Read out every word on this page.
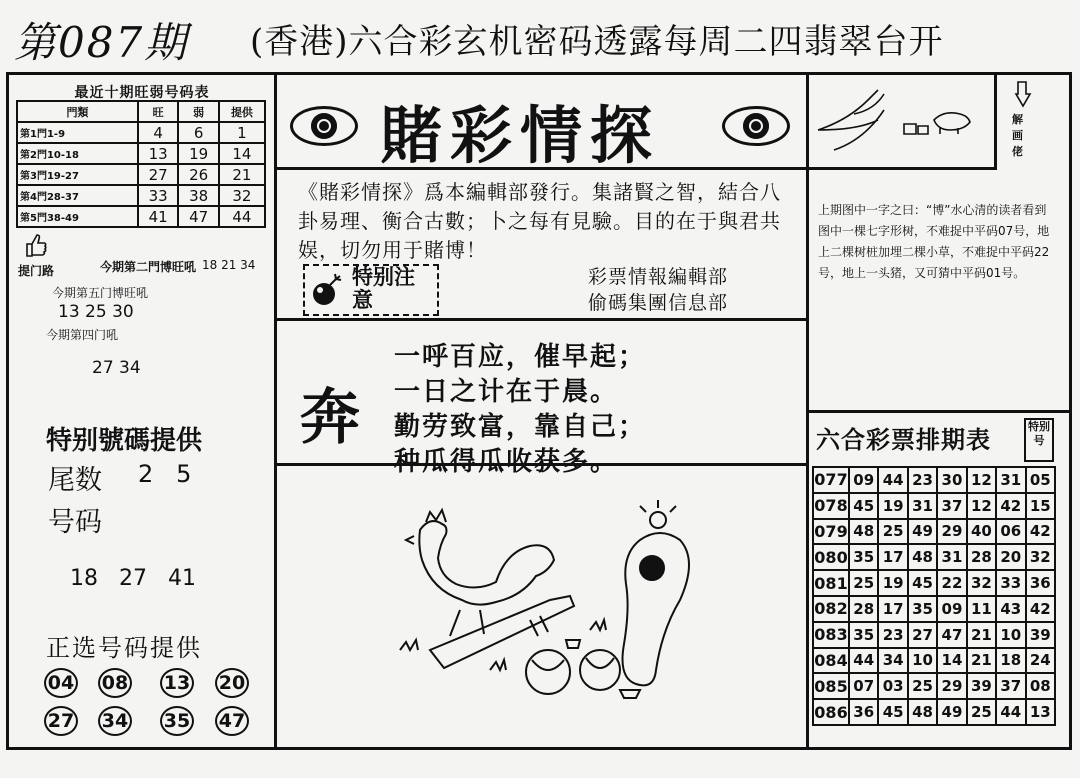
第087期 (香港)六合彩玄机密码透露每周二四翡翠台开
最近十期旺弱号码表
門類	旺	弱	提供
第1門1-9	4	6	1
第2門10-18	13	19	14
第3門19-27	27	26	21
第4門28-37	33	38	32
第5門38-49	41	47	44
提门路	今期第二門博旺吼 18 21 34
今期第五门博旺吼
13 25 30
今期第四门吼
27 34
特别號碼提供
尾数 2   5
号码
18   27   41
正选号码提供
04 08 13 20
27 34 35 47
賭彩情探
《賭彩情探》爲本編輯部發行。集諸賢之智，結合八卦易理、衡合古數；卜之每有見驗。目的在于與君共娱，切勿用于賭博！
特别注意
彩票情報編輯部
偷碼集團信息部
奔
一呼百应，催早起；
一日之计在于晨。
勤劳致富，靠自己；
种瓜得瓜收获多。
解画佬
上期图中一字之曰：“博”水心清的读者看到图中一棵七字形树，不难捉中平码07号，地上二棵树桩加埋二棵小草，不难捉中平码22号，地上一头猪，又可猜中平码01号。
六合彩票排期表	特别号
077	09	44	23	30	12	31	05
078	45	19	31	37	12	42	15
079	48	25	49	29	40	06	42
080	35	17	48	31	28	20	32
081	25	19	45	22	32	33	36
082	28	17	35	09	11	43	42
083	35	23	27	47	21	10	39
084	44	34	10	14	21	18	24
085	07	03	25	29	39	37	08
086	36	45	48	49	25	44	13
